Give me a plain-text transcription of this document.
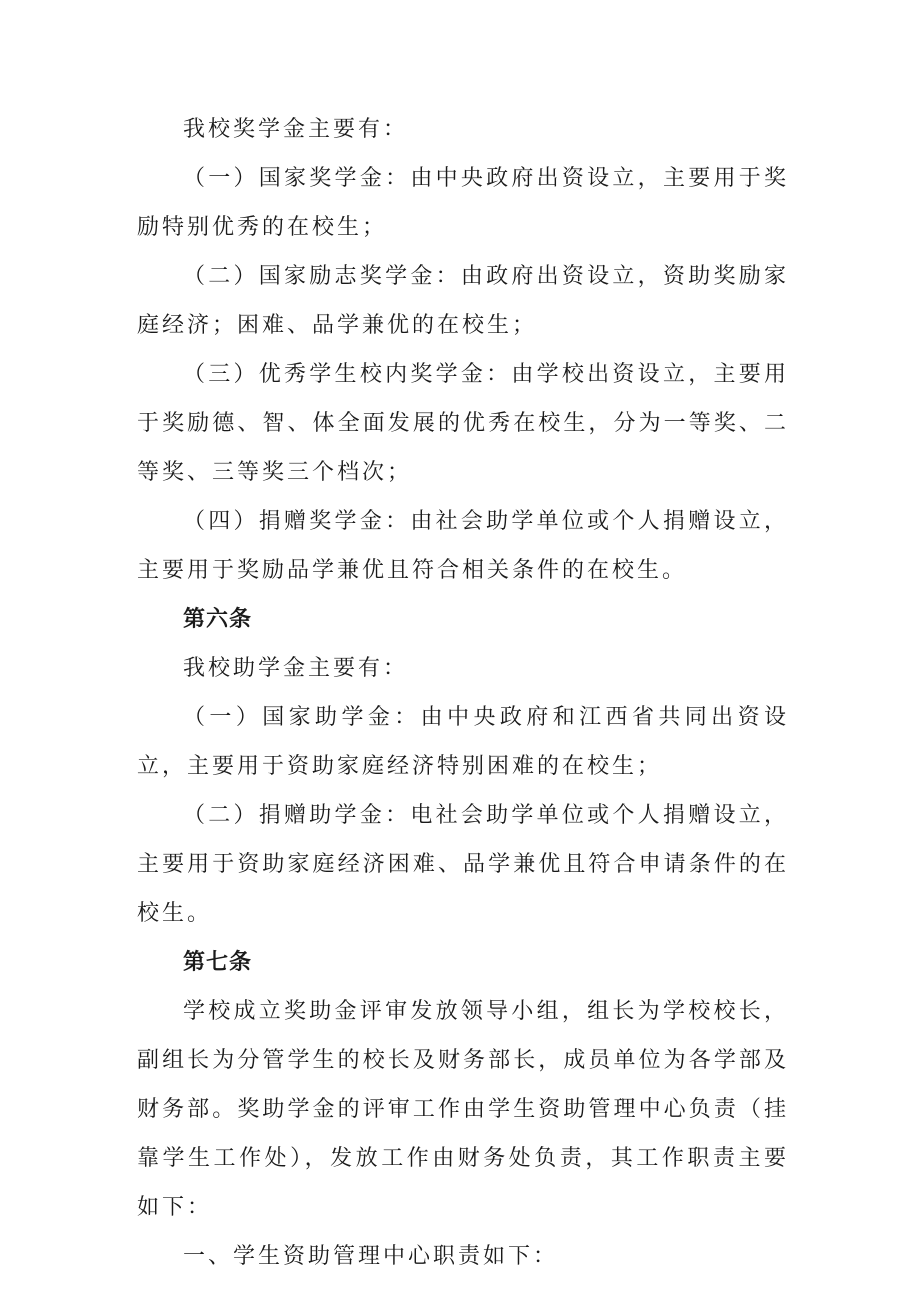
我校奖学金主要有：

（一）国家奖学金：由中央政府出资设立，主要用于奖励特别优秀的在校生；

（二）国家励志奖学金：由政府出资设立，资助奖励家庭经济；困难、品学兼优的在校生；

（三）优秀学生校内奖学金：由学校出资设立，主要用于奖励德、智、体全面发展的优秀在校生，分为一等奖、二等奖、三等奖三个档次；

（四）捐赠奖学金：由社会助学单位或个人捐赠设立，主要用于奖励品学兼优且符合相关条件的在校生。

第六条

我校助学金主要有：

（一）国家助学金：由中央政府和江西省共同出资设立，主要用于资助家庭经济特别困难的在校生；

（二）捐赠助学金：电社会助学单位或个人捐赠设立，主要用于资助家庭经济困难、品学兼优且符合申请条件的在校生。

第七条

学校成立奖助金评审发放领导小组，组长为学校校长，副组长为分管学生的校长及财务部长，成员单位为各学部及财务部。奖助学金的评审工作由学生资助管理中心负责（挂靠学生工作处），发放工作由财务处负责，其工作职责主要如下：

一、学生资助管理中心职责如下：
